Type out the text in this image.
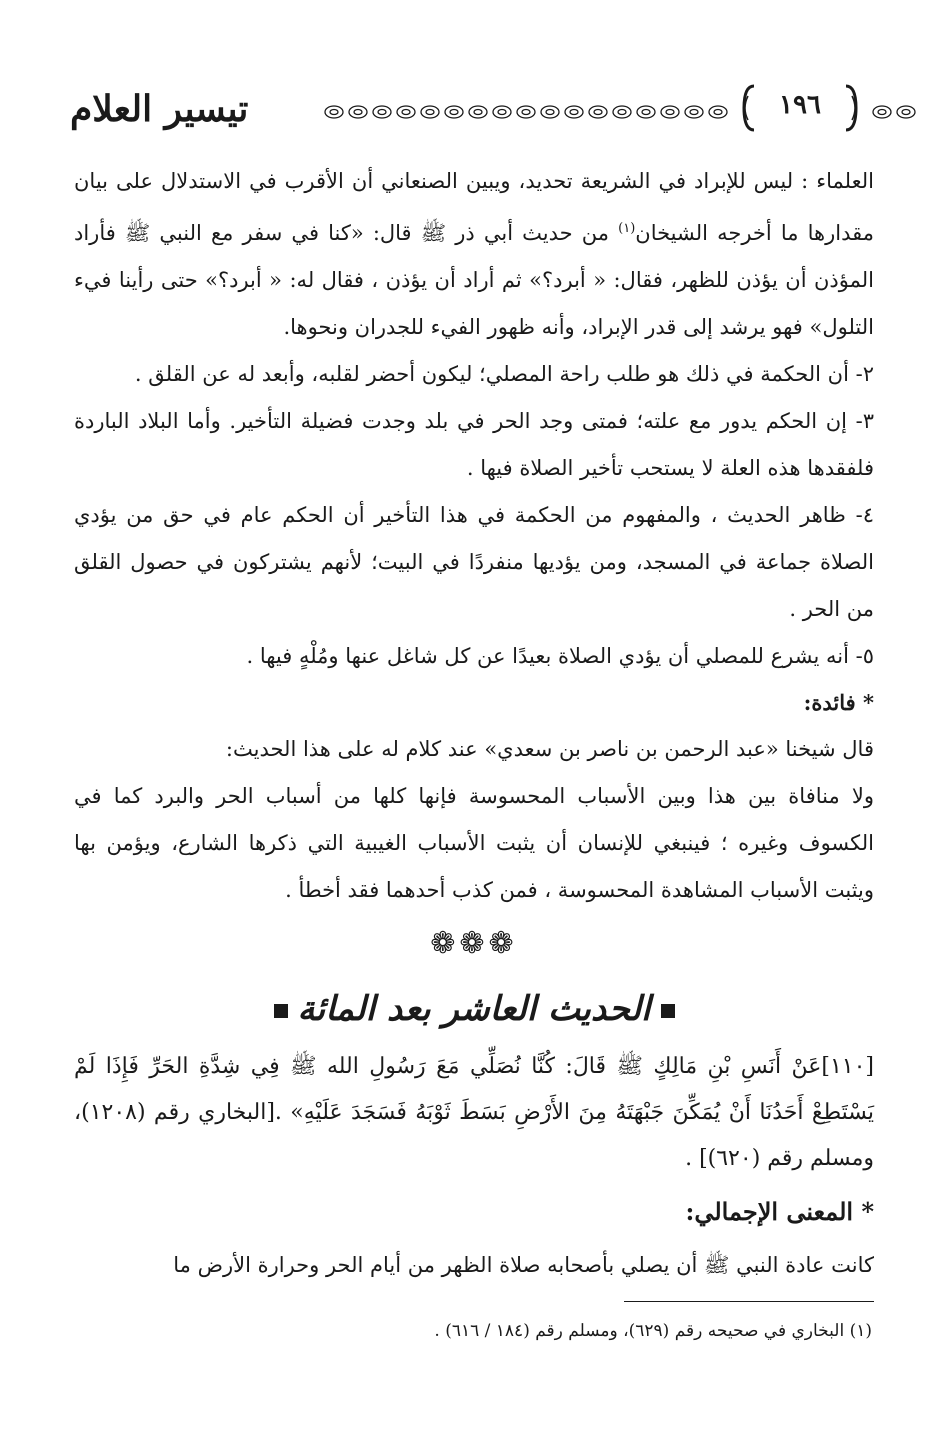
تيسير العلام	١٩٦

العلماء : ليس للإبراد في الشريعة تحديد، ويبين الصنعاني أن الأقرب في الاستدلال على بيان مقدارها ما أخرجه الشيخان$^{(١)}$ من حديث أبي ذر ﷺ قال: «كنا في سفر مع النبي ﷺ فأراد المؤذن أن يؤذن للظهر، فقال: « أبرد؟» ثم أراد أن يؤذن ، فقال له: « أبرد؟» حتى رأينا فيء التلول» فهو يرشد إلى قدر الإبراد، وأنه ظهور الفيء للجدران ونحوها.

٢- أن الحكمة في ذلك هو طلب راحة المصلي؛ ليكون أحضر لقلبه، وأبعد له عن القلق .

٣- إن الحكم يدور مع علته؛ فمتى وجد الحر في بلد وجدت فضيلة التأخير. وأما البلاد الباردة فلفقدها هذه العلة لا يستحب تأخير الصلاة فيها .

٤- ظاهر الحديث ، والمفهوم من الحكمة في هذا التأخير أن الحكم عام في حق من يؤدي الصلاة جماعة في المسجد، ومن يؤديها منفردًا في البيت؛ لأنهم يشتركون في حصول القلق من الحر .

٥- أنه يشرع للمصلي أن يؤدي الصلاة بعيدًا عن كل شاغل عنها ومُلْهٍ فيها .

* فائدة:

قال شيخنا «عبد الرحمن بن ناصر بن سعدي» عند كلام له على هذا الحديث:

ولا منافاة بين هذا وبين الأسباب المحسوسة فإنها كلها من أسباب الحر والبرد كما في الكسوف وغيره ؛ فينبغي للإنسان أن يثبت الأسباب الغيبية التي ذكرها الشارع، ويؤمن بها ويثبت الأسباب المشاهدة المحسوسة ، فمن كذب أحدهما فقد أخطأ .

❁❁❁

الحديث العاشر بعد المائة

[١١٠]عَنْ أَنَسِ بْنِ مَالِكٍ ﷺ قَالَ: كُنَّا نُصَلِّي مَعَ رَسُولِ الله ﷺ فِي شِدَّةِ الحَرِّ فَإِذَا لَمْ يَسْتَطِعْ أَحَدُنَا أَنْ يُمَكِّنَ جَبْهَتَهُ مِنَ الأَرْضِ بَسَطَ ثَوْبَهُ فَسَجَدَ عَلَيْهِ» .[البخاري رقم (١٢٠٨)، ومسلم رقم (٦٢٠)] .

* المعنى الإجمالي:

كانت عادة النبي ﷺ أن يصلي بأصحابه صلاة الظهر من أيام الحر وحرارة الأرض ما

(١) البخاري في صحيحه رقم (٦٢٩)، ومسلم رقم (١٨٤ / ٦١٦) .
